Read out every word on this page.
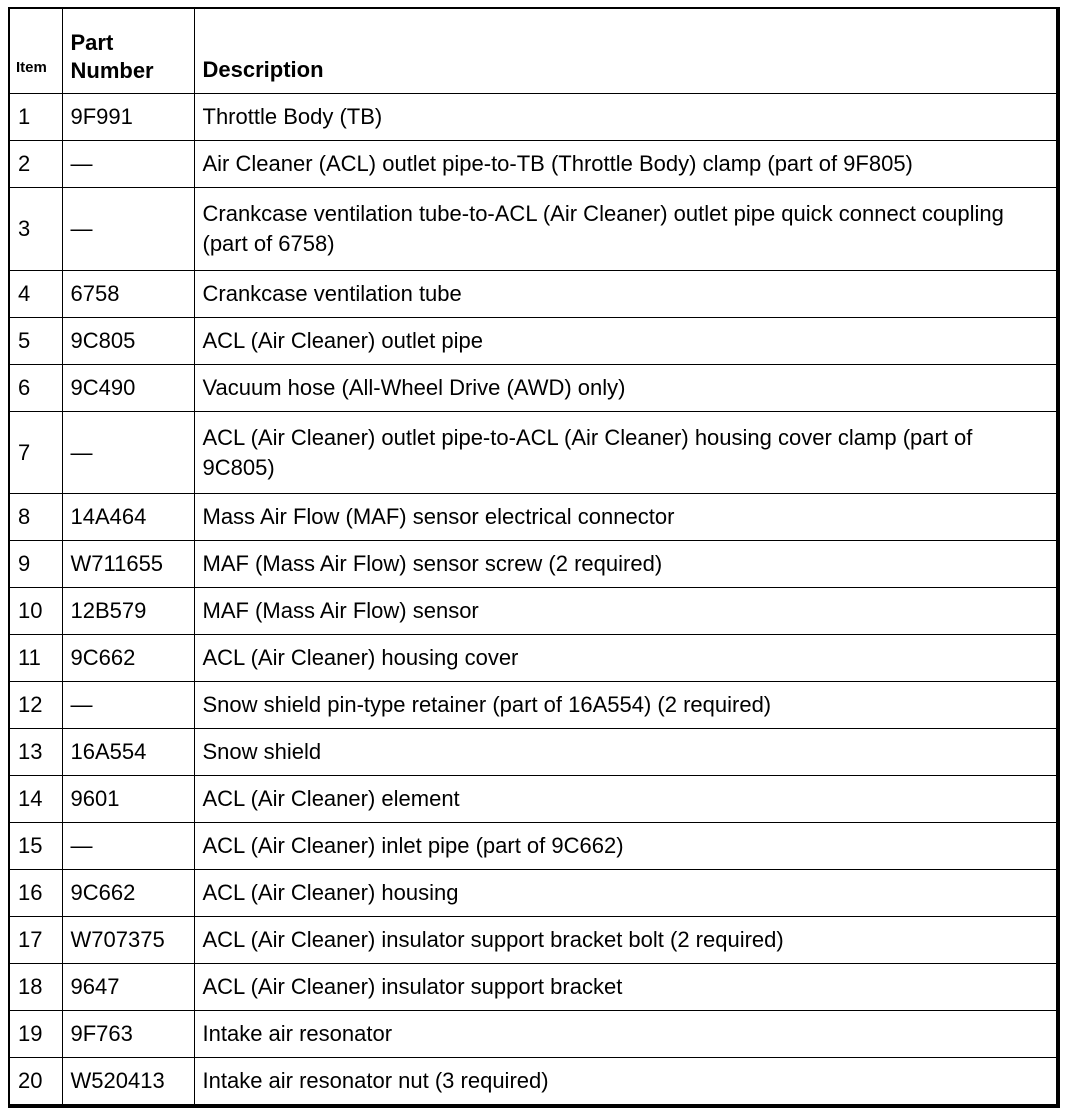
Item	Part Number	Description
1	9F991	Throttle Body (TB)
2	—	Air Cleaner (ACL) outlet pipe-to-TB (Throttle Body) clamp (part of 9F805)
3	—	Crankcase ventilation tube-to-ACL (Air Cleaner) outlet pipe quick connect coupling (part of 6758)
4	6758	Crankcase ventilation tube
5	9C805	ACL (Air Cleaner) outlet pipe
6	9C490	Vacuum hose (All-Wheel Drive (AWD) only)
7	—	ACL (Air Cleaner) outlet pipe-to-ACL (Air Cleaner) housing cover clamp (part of 9C805)
8	14A464	Mass Air Flow (MAF) sensor electrical connector
9	W711655	MAF (Mass Air Flow) sensor screw (2 required)
10	12B579	MAF (Mass Air Flow) sensor
11	9C662	ACL (Air Cleaner) housing cover
12	—	Snow shield pin-type retainer (part of 16A554) (2 required)
13	16A554	Snow shield
14	9601	ACL (Air Cleaner) element
15	—	ACL (Air Cleaner) inlet pipe (part of 9C662)
16	9C662	ACL (Air Cleaner) housing
17	W707375	ACL (Air Cleaner) insulator support bracket bolt (2 required)
18	9647	ACL (Air Cleaner) insulator support bracket
19	9F763	Intake air resonator
20	W520413	Intake air resonator nut (3 required)
